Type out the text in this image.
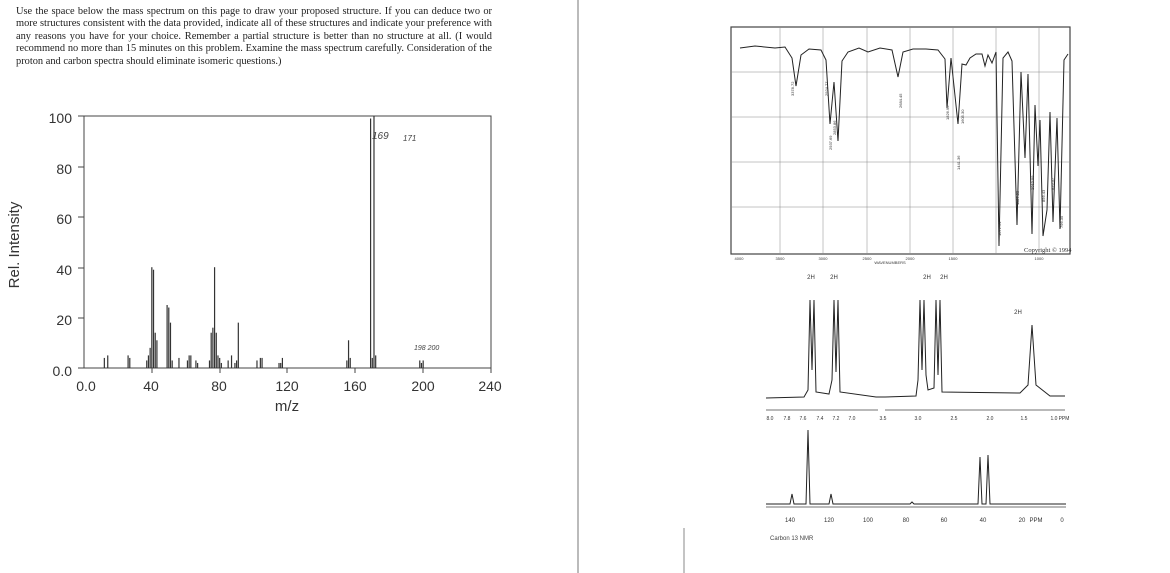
Use the space below the mass spectrum on this page to draw your proposed structure. If you can deduce two or more structures consistent with the data provided, indicate all of these structures and indicate your preference with any reasons you have for your choice. Remember a partial structure is better than no structure at all. (I would recommend no more than 15 minutes on this problem. Examine the mass spectrum carefully. Consideration of the proton and carbon spectra should eliminate isomeric questions.)
Rel. Intensity
m/z
100
80
60
40
20
0.0
0.0	40	80	120	160	200	240
169 171
198 200
3378.72	2924.77
2853.86
2937.69
2684.45
1826.95	1605.30
1441.36
1072.54
1187.23
1012.99
856.43
826.37
796.35
4000	3500	3000	2500	2000	1500	1000
WAVENUMBERS
Copyright © 1994
2H	2H	2H 2H
2H
8.0 7.8 7.6 7.4 7.2 7.0	3.5	3.0	2.5	2.0	1.5	1.0 PPM
140	120	100	80	60	40	20 PPM	0
Carbon 13 NMR
